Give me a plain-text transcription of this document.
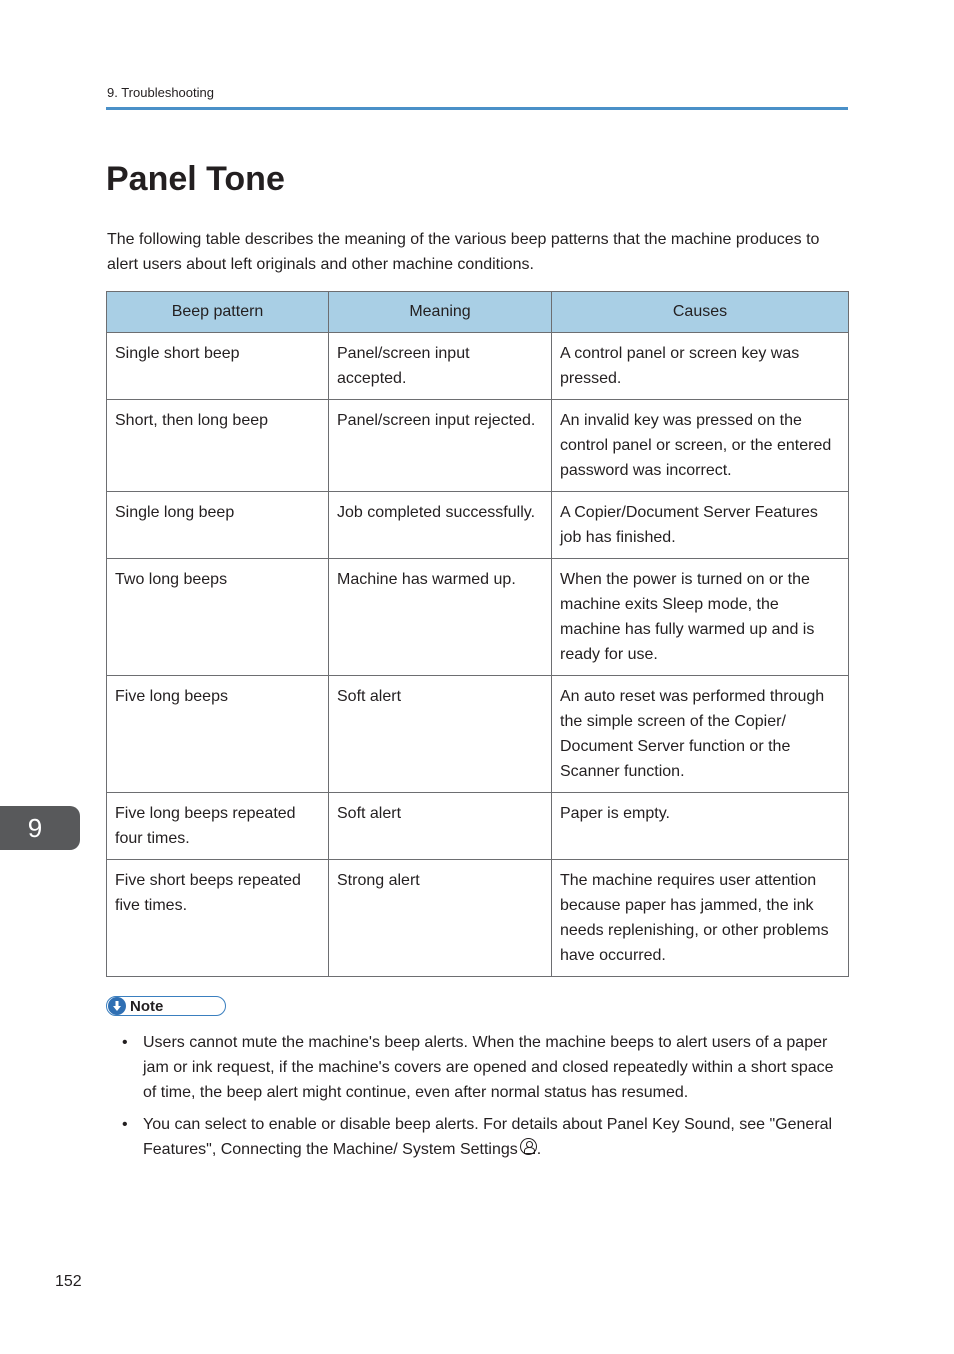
9. Troubleshooting
Panel Tone

The following table describes the meaning of the various beep patterns that the machine produces to alert users about left originals and other machine conditions.

Beep pattern	Meaning	Causes
Single short beep	Panel/screen input accepted.	A control panel or screen key was pressed.
Short, then long beep	Panel/screen input rejected.	An invalid key was pressed on the control panel or screen, or the entered password was incorrect.
Single long beep	Job completed successfully.	A Copier/Document Server Features job has finished.
Two long beeps	Machine has warmed up.	When the power is turned on or the machine exits Sleep mode, the machine has fully warmed up and is ready for use.
Five long beeps	Soft alert	An auto reset was performed through the simple screen of the Copier/ Document Server function or the Scanner function.
Five long beeps repeated four times.	Soft alert	Paper is empty.
Five short beeps repeated five times.	Strong alert	The machine requires user attention because paper has jammed, the ink needs replenishing, or other problems have occurred.
Note
• Users cannot mute the machine's beep alerts. When the machine beeps to alert users of a paper jam or ink request, if the machine's covers are opened and closed repeatedly within a short space of time, the beep alert might continue, even after normal status has resumed.
• You can select to enable or disable beep alerts. For details about Panel Key Sound, see "General Features", Connecting the Machine/ System Settings .
9
152
